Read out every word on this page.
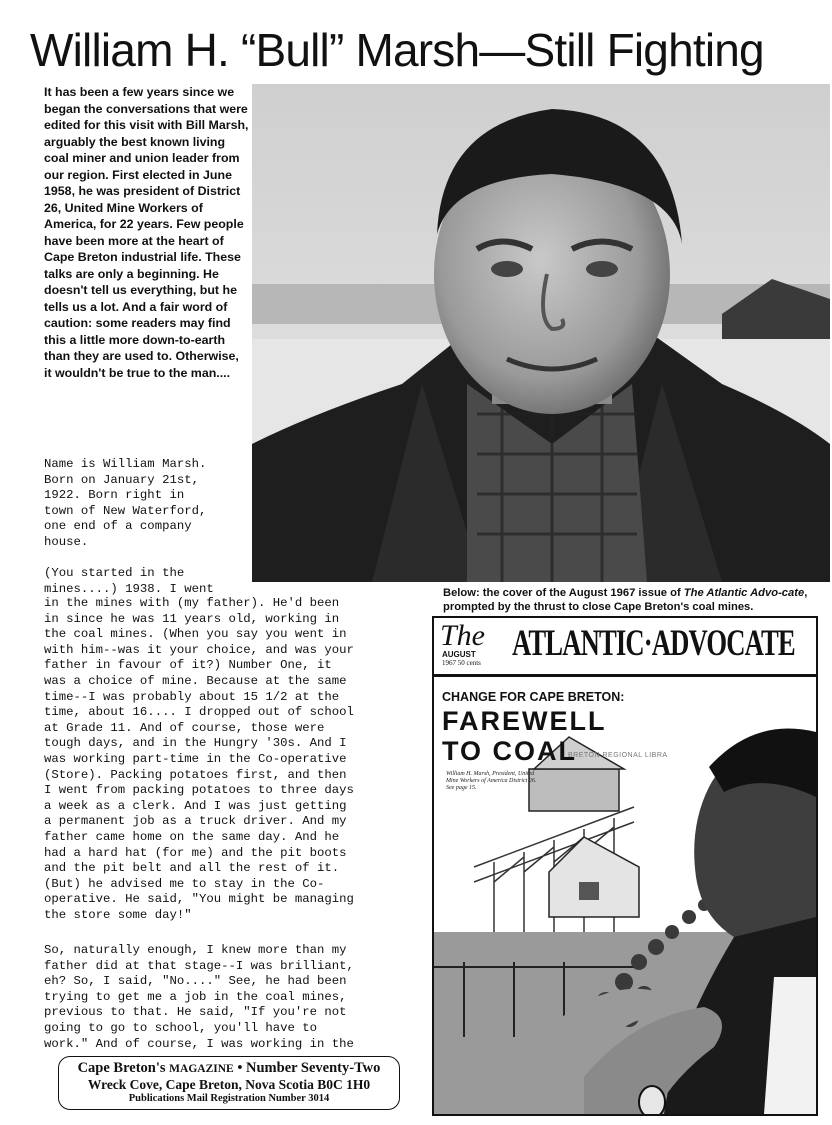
William H. “Bull” Marsh—Still Fighting
It has been a few years since we began the conversations that were edited for this visit with Bill Marsh, arguably the best known living coal miner and union leader from our region. First elected in June 1958, he was president of District 26, United Mine Workers of America, for 22 years. Few people have been more at the heart of Cape Breton industrial life. These talks are only a beginning. He doesn't tell us everything, but he tells us a lot. And a fair word of caution: some readers may find this a little more down-to-earth than they are used to. Otherwise, it wouldn't be true to the man....
Name is William Marsh.
Born on January 21st,
1922. Born right in
town of New Waterford,
one end of a company
house.
(You started in the
mines....) 1938. I went
in the mines with (my father). He'd been
in since he was 11 years old, working in
the coal mines. (When you say you went in
with him--was it your choice, and was your
father in favour of it?) Number One, it
was a choice of mine. Because at the same
time--I was probably about 15 1/2 at the
time, about 16.... I dropped out of school
at Grade 11. And of course, those were
tough days, and in the Hungry '30s. And I
was working part-time in the Co-operative
(Store). Packing potatoes first, and then
I went from packing potatoes to three days
a week as a clerk. And I was just getting
a permanent job as a truck driver. And my
father came home on the same day. And he
had a hard hat (for me) and the pit boots
and the pit belt and all the rest of it.
(But) he advised me to stay in the Co-
operative. He said, "You might be managing
the store some day!"
So, naturally enough, I knew more than my
father did at that stage--I was brilliant,
eh? So, I said, "No...." See, he had been
trying to get me a job in the coal mines,
previous to that. He said, "If you're not
going to go to school, you'll have to
work." And of course, I was working in the
Below: the cover of the August 1967 issue of The Atlantic Advo-cate, prompted by the thrust to close Cape Breton's coal mines.
The
AUGUST
1967 50 cents ATLANTIC·ADVOCATE
CHANGE FOR CAPE BRETON:
FAREWELL
TO COAL
BRETON REGIONAL LIBRA
William H. Marsh, President, United Mine Workers of America District 26. See page 15.
Cape Breton's MAGAZINE • Number Seventy-Two
Wreck Cove, Cape Breton, Nova Scotia B0C 1H0
Publications Mail Registration Number 3014
